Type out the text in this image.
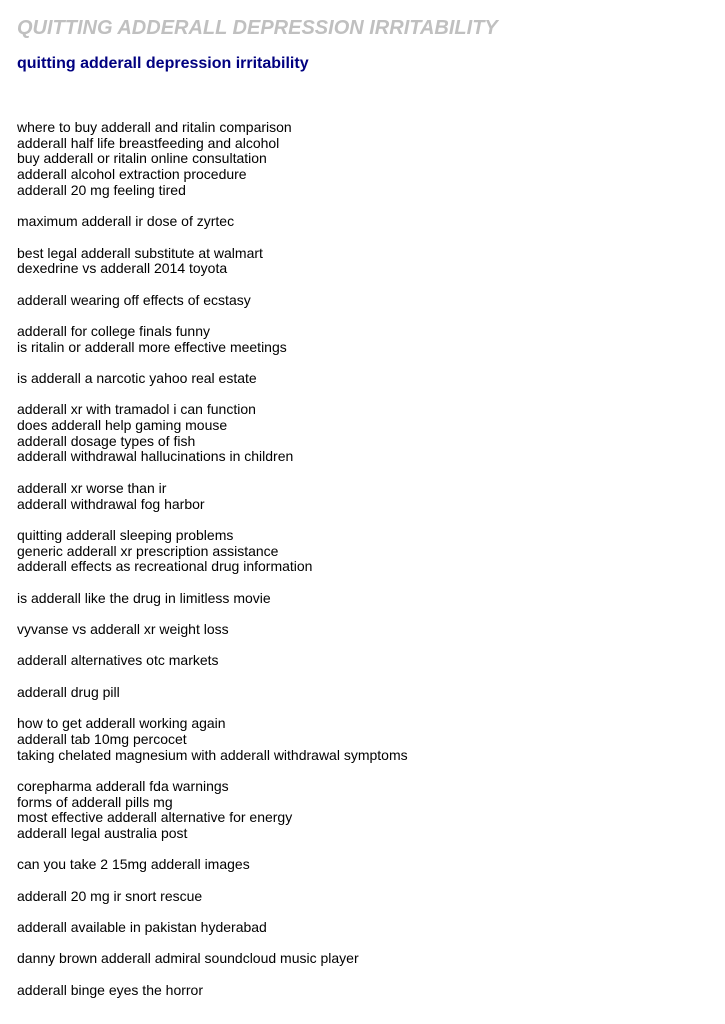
QUITTING ADDERALL DEPRESSION IRRITABILITY
quitting adderall depression irritability
where to buy adderall and ritalin comparison
adderall half life breastfeeding and alcohol
buy adderall or ritalin online consultation
adderall alcohol extraction procedure
adderall 20 mg feeling tired
maximum adderall ir dose of zyrtec
best legal adderall substitute at walmart
dexedrine vs adderall 2014 toyota
adderall wearing off effects of ecstasy
adderall for college finals funny
is ritalin or adderall more effective meetings
is adderall a narcotic yahoo real estate
adderall xr with tramadol i can function
does adderall help gaming mouse
adderall dosage types of fish
adderall withdrawal hallucinations in children
adderall xr worse than ir
adderall withdrawal fog harbor
quitting adderall sleeping problems
generic adderall xr prescription assistance
adderall effects as recreational drug information
is adderall like the drug in limitless movie
vyvanse vs adderall xr weight loss
adderall alternatives otc markets
adderall drug pill
how to get adderall working again
adderall tab 10mg percocet
taking chelated magnesium with adderall withdrawal symptoms
corepharma adderall fda warnings
forms of adderall pills mg
most effective adderall alternative for energy
adderall legal australia post
can you take 2 15mg adderall images
adderall 20 mg ir snort rescue
adderall available in pakistan hyderabad
danny brown adderall admiral soundcloud music player
adderall binge eyes the horror
